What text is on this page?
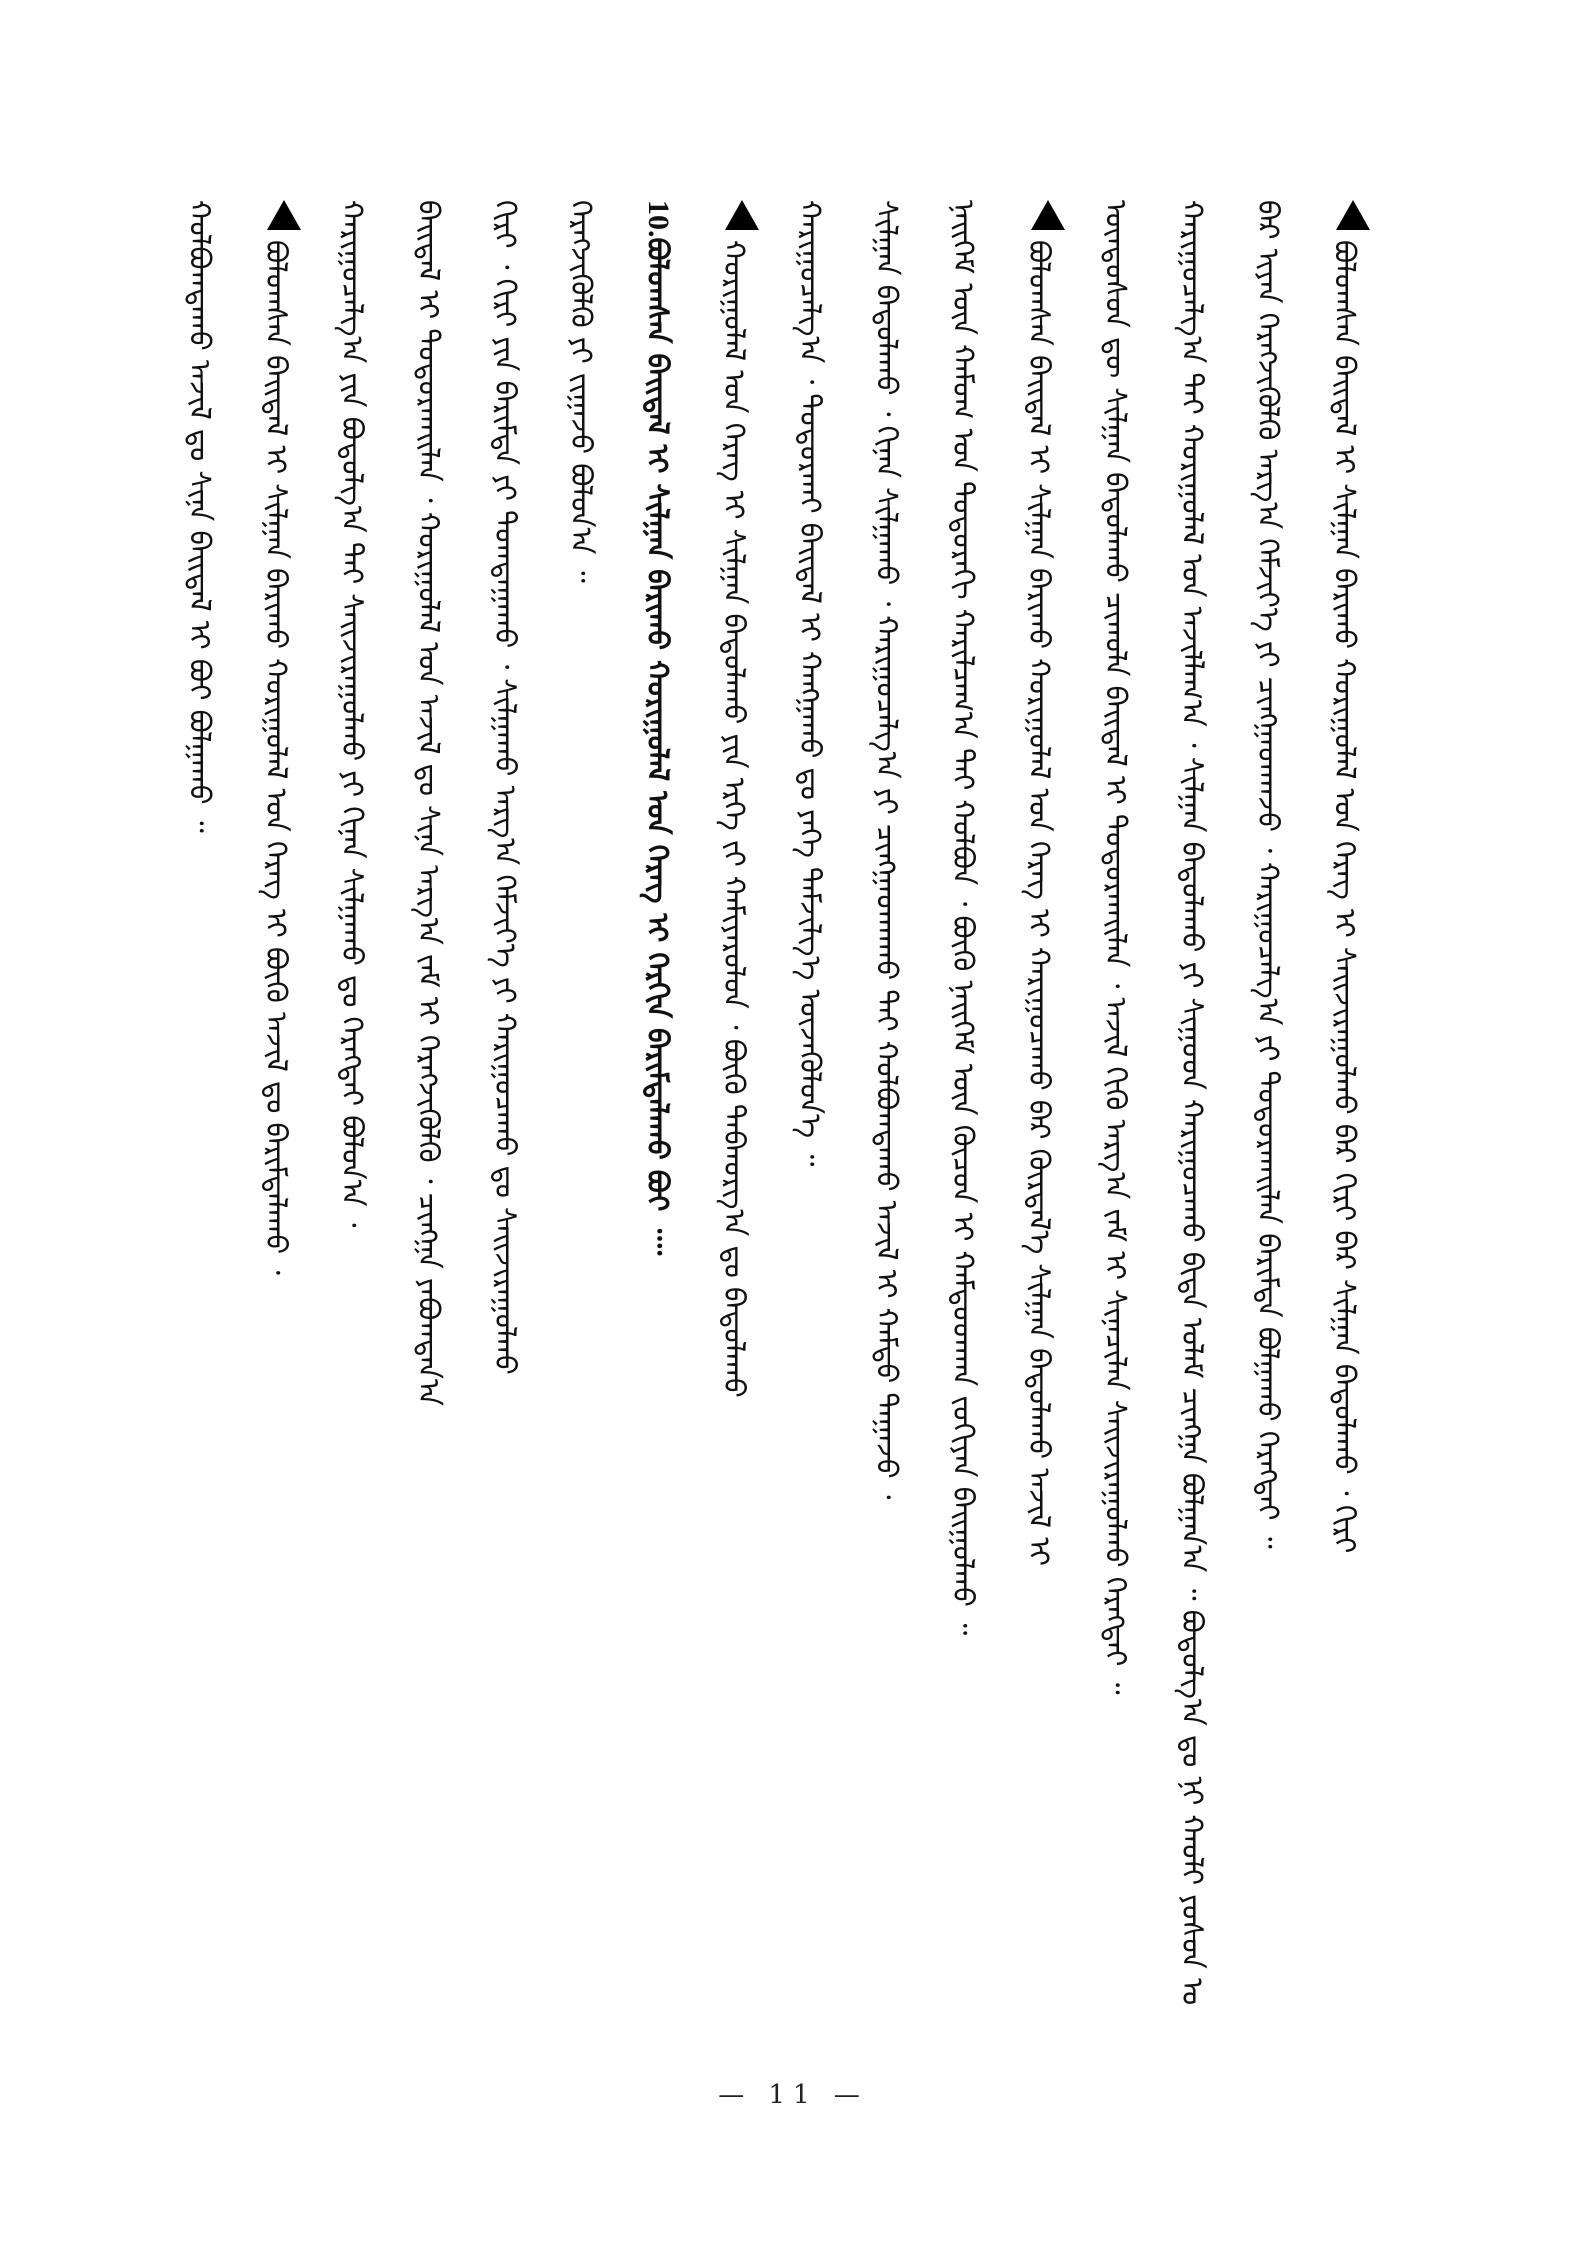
ᠪᠣᠯᠤᠭᠰᠠᠨ ᠪᠠᠢᠳᠠᠯ ᠢ ᠰᠢᠯᠭᠠᠨ ᠪᠠᠷᠢᠬᠤ ᠬᠣᠷᠢᠭᠤᠯᠠᠯ ᠤᠨ ᠬᠡᠷᠡᠭ ᠢ ᠰᠠᠢᠵᠢᠷᠠᠭᠤᠯᠬᠤ ᠪᠡᠷ ᠬᠢᠷᠢ ᠪᠠᠷ ᠰᠢᠯᠭᠠᠨ ᠪᠠᠲᠤᠯᠠᠬᠤ ᠂ ᠬᠢᠷᠢ
ᠪᠠᠷ ᠢᠶᠠᠨ ᠬᠡᠷᠡᠭᠵᠢᠭᠦᠯᠬᠦ ᠠᠷᠭ᠎ᠠ ᠬᠡᠮᠵᠢᠶ᠎ᠡ ᠶᠢ ᠴᠢᠩᠭᠠᠳᠬᠠᠵᠤ ᠂ ᠬᠠᠷᠢᠭᠤᠴᠠᠯᠭ᠎ᠠ ᠶᠢ ᠲᠣᠳᠣᠷᠬᠠᠢᠯᠠᠨ ᠪᠠᠷᠢᠮᠲᠠ ᠪᠣᠯᠭᠠᠬᠤ ᠬᠡᠷᠡᠭᠲᠡᠢ ᠃
ᠬᠠᠷᠢᠭᠤᠴᠠᠯᠭ᠎ᠠ ᠲᠠᠢ ᠬᠣᠷᠢᠭᠤᠯᠠᠯ ᠤᠨ ᠠᠵᠢᠯᠯᠠᠭ᠎ᠠ ᠂ ᠰᠢᠯᠭᠠᠨ ᠪᠠᠲᠤᠯᠠᠬᠤ ᠶᠢ ᠰᠢᠭᠤᠳ ᠬᠠᠷᠢᠭᠤᠴᠠᠬᠤ ᠪᠢᠳᠡ ᠤᠯᠠᠮ ᠴᠢᠩᠭᠠ ᠪᠣᠯᠭᠠᠨ᠎ᠠ ᠃ ᠪᠣᠳᠤᠯᠭ᠎ᠠ ᠳᠤ ᠨᠢ ᠬᠠᠤᠯᠢ ᠶᠣᠰᠣᠨ ᠤ
ᠦᠨᠳᠦᠰᠦᠨ ᠳᠦ ᠰᠢᠯᠭᠠᠨ ᠪᠠᠲᠤᠯᠠᠬᠤ ᠴᠢᠬᠤᠯᠠ ᠪᠠᠢᠳᠠᠯ ᠢ ᠲᠣᠳᠣᠷᠬᠠᠢᠯᠠᠨ ᠂ ᠠᠵᠢᠯ ᠬᠢᠬᠦ ᠠᠷᠭ᠎ᠠ ᠵᠠᠮ ᠢ ᠰᠢᠨᠡᠴᠢᠯᠡᠨ ᠰᠠᠢᠵᠢᠷᠠᠭᠤᠯᠬᠤ ᠬᠡᠷᠡᠭᠲᠡᠢ ᠃
ᠪᠣᠯᠤᠭᠰᠠᠨ ᠪᠠᠢᠳᠠᠯ ᠢ ᠰᠢᠯᠭᠠᠨ ᠪᠠᠷᠢᠬᠤ ᠬᠣᠷᠢᠭᠤᠯᠠᠯ ᠤᠨ ᠬᠡᠷᠡᠭ ᠢ ᠬᠠᠷᠢᠭᠤᠴᠠᠬᠤ ᠪᠡᠷ ᠬᠦᠷᠲᠡᠯ᠎ᠡ ᠰᠢᠯᠭᠠᠨ ᠪᠠᠲᠤᠯᠠᠬᠤ ᠠᠵᠢᠯ ᠢ
ᠨᠡᠢᠭᠡᠮ ᠦᠨ ᠬᠠᠮᠤᠭ ᠤᠨ ᠳᠣᠲᠣᠷᠠᠬᠢ ᠬᠠᠷᠢᠯᠴᠠᠭ᠎ᠠ ᠲᠠᠢ ᠬᠣᠯᠪᠣᠨ ᠂ ᠪᠦᠬᠦ ᠨᠡᠢᠭᠡᠮ ᠦᠨ ᠬᠦᠴᠦᠨ ᠢ ᠬᠠᠮᠲᠤᠳᠬᠠᠨ ᠵᠣᠬᠢᠶᠠᠨ ᠪᠠᠢᠭᠤᠯᠬᠤ ᠃
ᠰᠢᠯᠭᠠᠨ ᠪᠠᠲᠤᠯᠠᠬᠤ ᠂ ᠬᠢᠨᠠᠨ ᠰᠢᠯᠭᠠᠬᠤ ᠂ ᠬᠠᠷᠢᠭᠤᠴᠠᠯᠭ᠎ᠠ ᠶᠢ ᠴᠢᠩᠭᠠᠳᠬᠠᠬᠤ ᠲᠠᠢ ᠬᠣᠯᠪᠣᠭᠳᠠᠬᠤ ᠠᠵᠢᠯ ᠢ ᠬᠠᠮᠲᠤ ᠳᠠᠭᠠᠵᠤ ᠂
ᠬᠠᠷᠢᠭᠤᠴᠠᠯᠭ᠎ᠠ ᠂ ᠲᠣᠳᠣᠷᠬᠠᠢ ᠪᠠᠢᠳᠠᠯ ᠢ ᠬᠠᠩᠭᠠᠬᠤ ᠳᠤ ᠶᠡᠬᠡ ᠳᠡᠮᠵᠢᠯᠭ᠎ᠡ ᠦᠵᠡᠭᠦᠯᠦᠨ᠎ᠡ ᠃
ᠬᠣᠷᠢᠭᠤᠯᠠᠯ ᠤᠨ ᠬᠡᠷᠡᠭ ᠢ ᠰᠢᠯᠭᠠᠨ ᠪᠠᠲᠤᠯᠠᠬᠤ ᠶᠢᠨ ᠡᠷᠬᠡ ᠵᠢ ᠬᠠᠮᠢᠶᠠᠷᠤᠯᠤᠨ ᠂ ᠪᠦᠬᠦ ᠳᠠᠪᠬᠤᠷᠭ᠎ᠠ ᠳᠤ ᠪᠠᠳᠤᠯᠠᠬᠤ
10.ᠪᠣᠯᠤᠭᠰᠠᠨ ᠪᠠᠢᠳᠠᠯ ᠢ ᠰᠢᠯᠭᠠᠨ ᠪᠠᠷᠢᠬᠤ ᠬᠣᠷᠢᠭᠤᠯᠠᠯ ᠤᠨ ᠬᠡᠷᠡᠭ ᠢ ᠬᠡᠷᠬᠢᠨ ᠪᠠᠷᠢᠮᠲᠠᠯᠠᠬᠤ ᠪᠤᠢ ᠁
ᠬᠡᠷᠡᠭᠵᠢᠭᠦᠯᠬᠦ ᠶᠢ ᠵᠢᠭᠠᠵᠤ ᠪᠣᠯᠤᠨ᠎ᠠ ᠃
ᠬᠢᠷᠢ ᠂ ᠬᠢᠷᠢ ᠶᠢᠨ ᠪᠠᠷᠢᠮᠲᠠ ᠶᠢ ᠲᠣᠭᠲᠠᠭᠠᠬᠤ ᠂ ᠰᠢᠯᠭᠠᠬᠤ ᠠᠷᠭ᠎ᠠ ᠬᠡᠮᠵᠢᠶ᠎ᠡ ᠶᠢ ᠬᠠᠷᠢᠭᠤᠴᠠᠬᠤ ᠳᠤ ᠰᠠᠢᠵᠢᠷᠠᠭᠤᠯᠬᠤ
ᠪᠠᠢᠳᠠᠯ ᠢ ᠲᠣᠳᠣᠷᠬᠠᠢᠯᠠᠨ ᠂ ᠬᠣᠷᠢᠭᠤᠯᠠᠯ ᠤᠨ ᠠᠵᠢᠯ ᠳᠤ ᠰᠢᠨᠡ ᠠᠷᠭ᠎ᠠ ᠵᠠᠮ ᠢ ᠬᠡᠷᠡᠭᠵᠢᠭᠦᠯᠬᠦ ᠂ ᠴᠢᠩᠭᠠ ᠶᠠᠪᠤᠭᠳᠠᠨ᠎ᠠ
ᠬᠠᠷᠢᠭᠤᠴᠠᠯᠭ᠎ᠠ ᠶᠢᠨ ᠪᠣᠳᠤᠯᠭ᠎ᠠ ᠲᠠᠢ ᠰᠠᠢᠵᠢᠷᠠᠭᠤᠯᠬᠤ ᠶᠢ ᠬᠢᠨᠠᠨ ᠰᠢᠯᠭᠠᠬᠤ ᠳᠤ ᠬᠡᠷᠡᠭᠲᠡᠢ ᠪᠣᠯᠤᠨ᠎ᠠ ᠂
ᠪᠣᠯᠤᠭᠰᠠᠨ ᠪᠠᠢᠳᠠᠯ ᠢ ᠰᠢᠯᠭᠠᠨ ᠪᠠᠷᠢᠬᠤ ᠬᠣᠷᠢᠭᠤᠯᠠᠯ ᠤᠨ ᠬᠡᠷᠡᠭ ᠢ ᠪᠦᠬᠦ ᠠᠵᠢᠯ ᠳᠤ ᠪᠠᠷᠢᠮᠲᠠᠯᠠᠬᠤ ᠂
ᠬᠣᠯᠪᠣᠭᠳᠠᠬᠤ ᠠᠵᠢᠯ ᠳᠤ ᠰᠢᠨᠡ ᠪᠠᠢᠳᠠᠯ ᠢ ᠪᠣᠢ ᠪᠣᠯᠭᠠᠬᠤ ᠃
— 11 —
